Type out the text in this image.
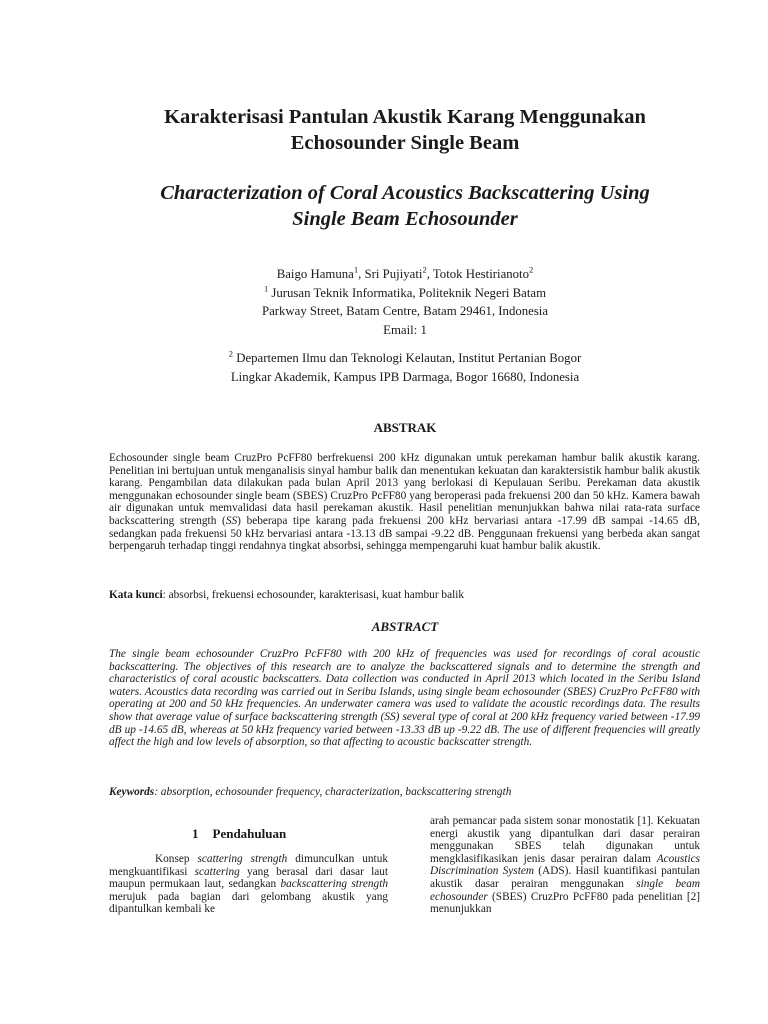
Karakterisasi Pantulan Akustik Karang Menggunakan
Echosounder Single Beam
Characterization of Coral Acoustics Backscattering Using
Single Beam Echosounder
Baigo Hamuna$^1$, Sri Pujiyati$^2$, Totok Hestirianoto$^2$
$^1$ Jurusan Teknik Informatika, Politeknik Negeri Batam
Parkway Street, Batam Centre, Batam 29461, Indonesia
Email: 1
$^2$ Departemen Ilmu dan Teknologi Kelautan, Institut Pertanian Bogor
Lingkar Akademik, Kampus IPB Darmaga, Bogor 16680, Indonesia
ABSTRAK
Echosounder single beam CruzPro PcFF80 berfrekuensi 200 kHz digunakan untuk perekaman hambur balik akustik karang. Penelitian ini bertujuan untuk menganalisis sinyal hambur balik dan menentukan kekuatan dan karaktersistik hambur balik akustik karang. Pengambilan data dilakukan pada bulan April 2013 yang berlokasi di Kepulauan Seribu. Perekaman data akustik menggunakan echosounder single beam (SBES) CruzPro PcFF80 yang beroperasi pada frekuensi 200 dan 50 kHz. Kamera bawah air digunakan untuk memvalidasi data hasil perekaman akustik. Hasil penelitian menunjukkan bahwa nilai rata-rata surface backscattering strength (SS) beberapa tipe karang pada frekuensi 200 kHz bervariasi antara -17.99 dB sampai -14.65 dB, sedangkan pada frekuensi 50 kHz bervariasi antara -13.13 dB sampai -9.22 dB. Penggunaan frekuensi yang berbeda akan sangat berpengaruh terhadap tinggi rendahnya tingkat absorbsi, sehingga mempengaruhi kuat hambur balik akustik.
Kata kunci: absorbsi, frekuensi echosounder, karakterisasi, kuat hambur balik
ABSTRACT
The single beam echosounder CruzPro PcFF80 with 200 kHz of frequencies was used for recordings of coral acoustic backscattering. The objectives of this research are to analyze the backscattered signals and to determine the strength and characteristics of coral acoustic backscatters. Data collection was conducted in April 2013 which located in the Seribu Island waters. Acoustics data recording was carried out in Seribu Islands, using single beam echosounder (SBES) CruzPro PcFF80 with operating at 200 and 50 kHz frequencies. An underwater camera was used to validate the acoustic recordings data. The results show that average value of surface backscattering strength (SS) several type of coral at 200 kHz frequency varied between -17.99 dB up -14.65 dB, whereas at 50 kHz frequency varied between -13.33 dB up -9.22 dB. The use of different frequencies will greatly affect the high and low levels of absorption, so that affecting to acoustic backscatter strength.
Keywords: absorption, echosounder frequency, characterization, backscattering strength
1 Pendahuluan
Konsep scattering strength dimunculkan untuk mengkuantifikasi scattering yang berasal dari dasar laut maupun permukaan laut, sedangkan backscattering strength merujuk pada bagian dari gelombang akustik yang dipantulkan kembali ke
arah pemancar pada sistem sonar monostatik [1]. Kekuatan energi akustik yang dipantulkan dari dasar perairan menggunakan SBES telah digunakan untuk mengklasifikasikan jenis dasar perairan dalam Acoustics Discrimination System (ADS). Hasil kuantifikasi pantulan akustik dasar perairan menggunakan single beam echosounder (SBES) CruzPro PcFF80 pada penelitian [2] menunjukkan
